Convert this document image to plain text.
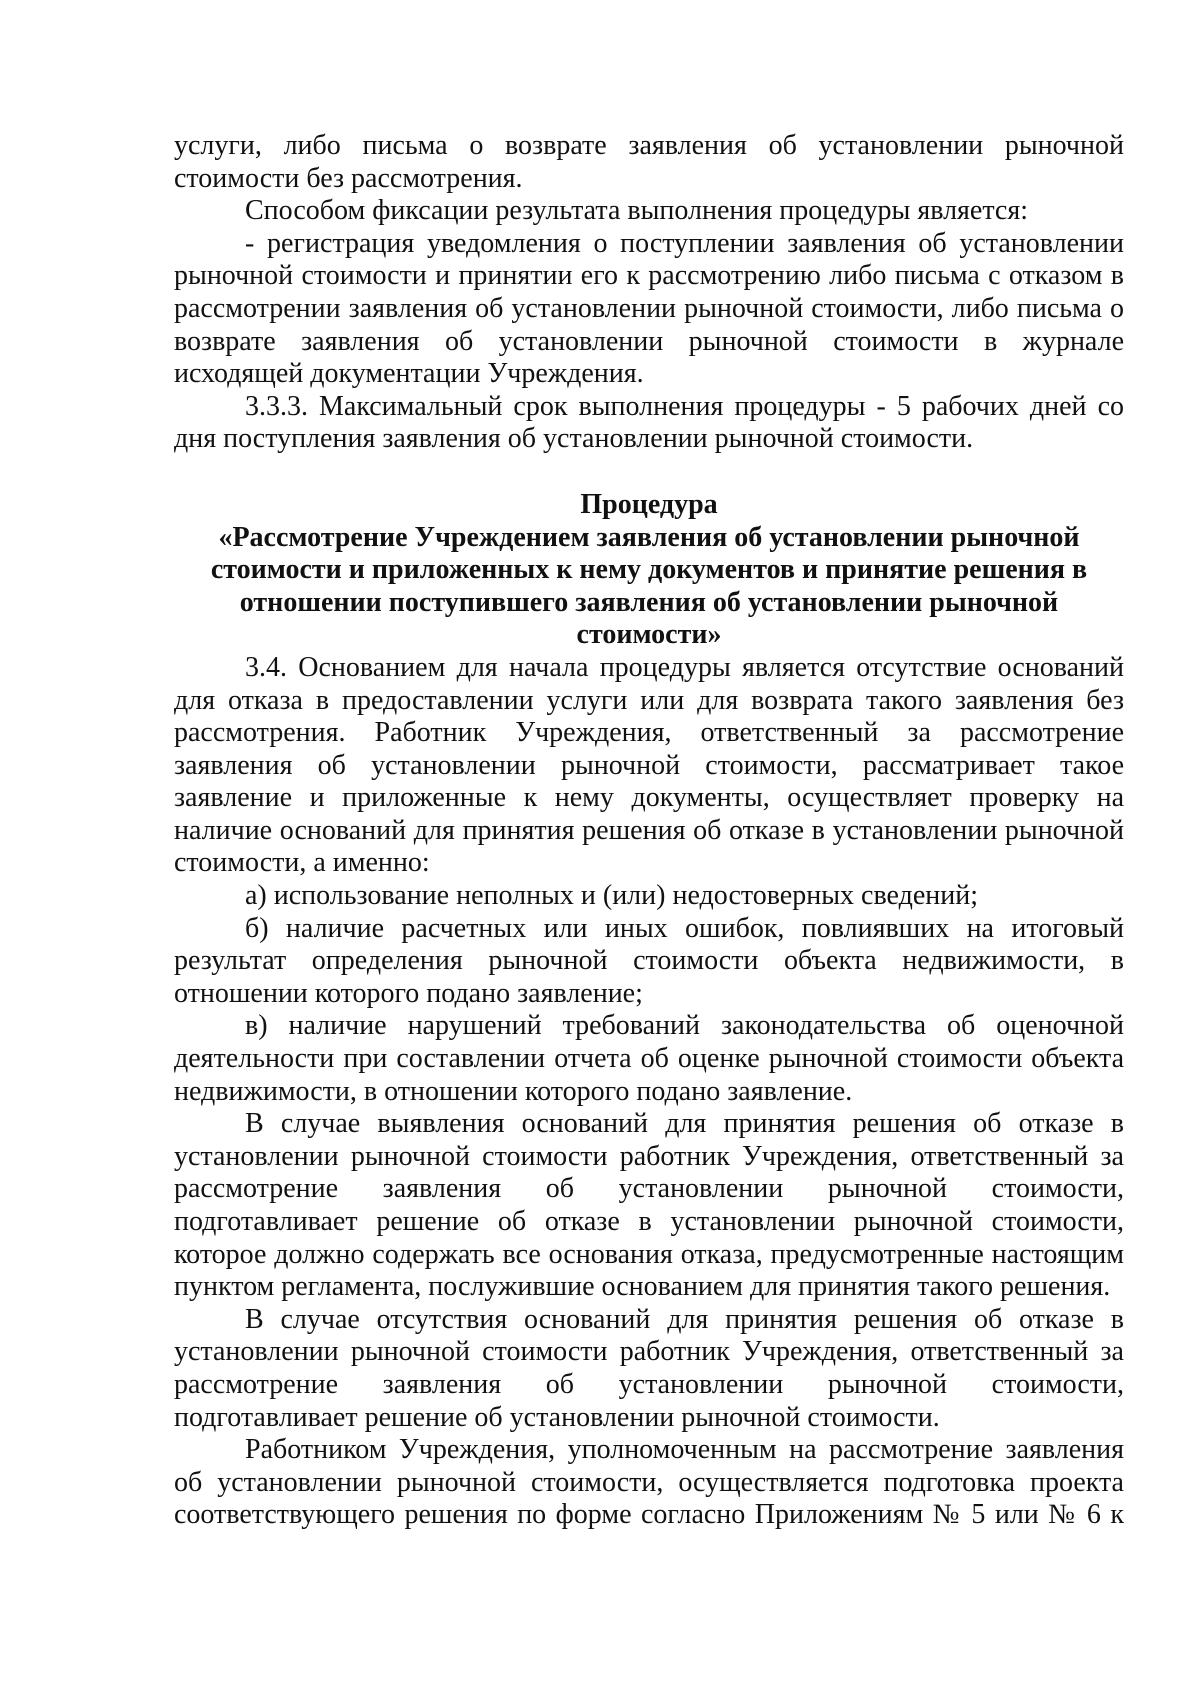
услуги, либо письма о возврате заявления об установлении рыночной стоимости без рассмотрения.

Способом фиксации результата выполнения процедуры является:

- регистрация уведомления о поступлении заявления об установлении рыночной стоимости и принятии его к рассмотрению либо письма с отказом в рассмотрении заявления об установлении рыночной стоимости, либо письма о возврате заявления об установлении рыночной стоимости в журнале исходящей документации Учреждения.

3.3.3. Максимальный срок выполнения процедуры - 5 рабочих дней со дня поступления заявления об установлении рыночной стоимости.

Процедура

«Рассмотрение Учреждением заявления об установлении рыночной стоимости и приложенных к нему документов и принятие решения в отношении поступившего заявления об установлении рыночной стоимости»

3.4. Основанием для начала процедуры является отсутствие оснований для отказа в предоставлении услуги или для возврата такого заявления без рассмотрения. Работник Учреждения, ответственный за рассмотрение заявления об установлении рыночной стоимости, рассматривает такое заявление и приложенные к нему документы, осуществляет проверку на наличие оснований для принятия решения об отказе в установлении рыночной стоимости, а именно:

а) использование неполных и (или) недостоверных сведений;

б) наличие расчетных или иных ошибок, повлиявших на итоговый результат определения рыночной стоимости объекта недвижимости, в отношении которого подано заявление;

в) наличие нарушений требований законодательства об оценочной деятельности при составлении отчета об оценке рыночной стоимости объекта недвижимости, в отношении которого подано заявление.

В случае выявления оснований для принятия решения об отказе в установлении рыночной стоимости работник Учреждения, ответственный за рассмотрение заявления об установлении рыночной стоимости, подготавливает решение об отказе в установлении рыночной стоимости, которое должно содержать все основания отказа, предусмотренные настоящим пунктом регламента, послужившие основанием для принятия такого решения.

В случае отсутствия оснований для принятия решения об отказе в установлении рыночной стоимости работник Учреждения, ответственный за рассмотрение заявления об установлении рыночной стоимости, подготавливает решение об установлении рыночной стоимости.

Работником Учреждения, уполномоченным на рассмотрение заявления об установлении рыночной стоимости, осуществляется подготовка проекта соответствующего решения по форме согласно Приложениям № 5 или № 6 к
